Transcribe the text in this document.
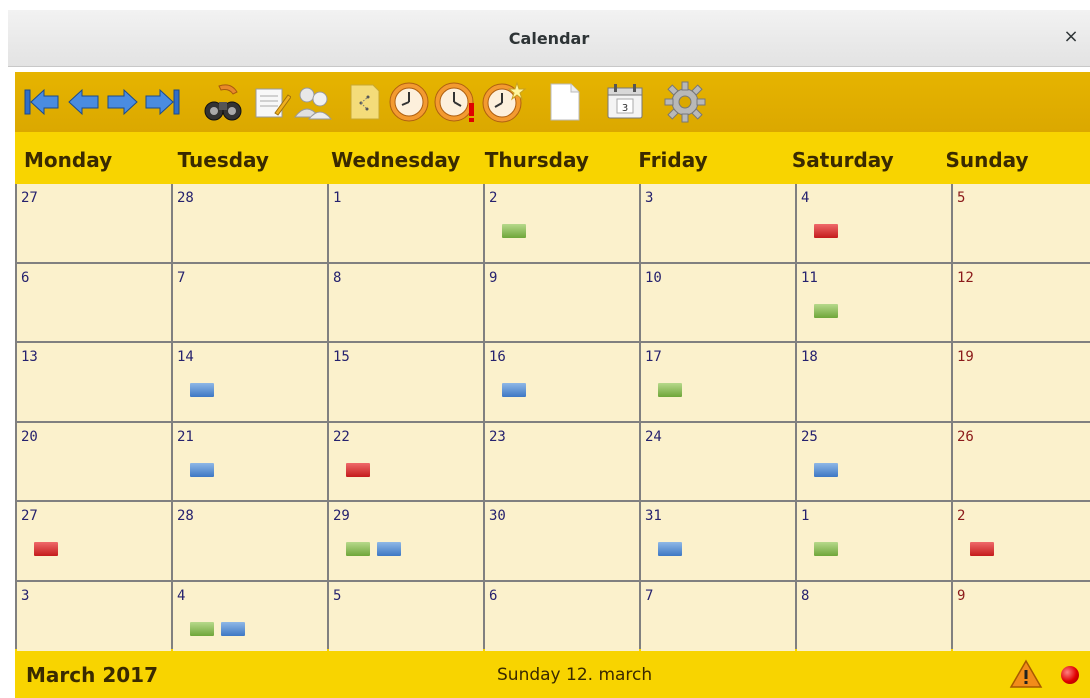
Calendar	×
3
Monday	Tuesday	Wednesday	Thursday	Friday	Saturday	Sunday
27	28	1	2	3	4	5
6	7	8	9	10	11	12
13	14	15	16	17	18	19
20	21	22	23	24	25	26
27	28	29	30	31	1	2
3	4	5	6	7	8	9
March 2017	Sunday 12. march
